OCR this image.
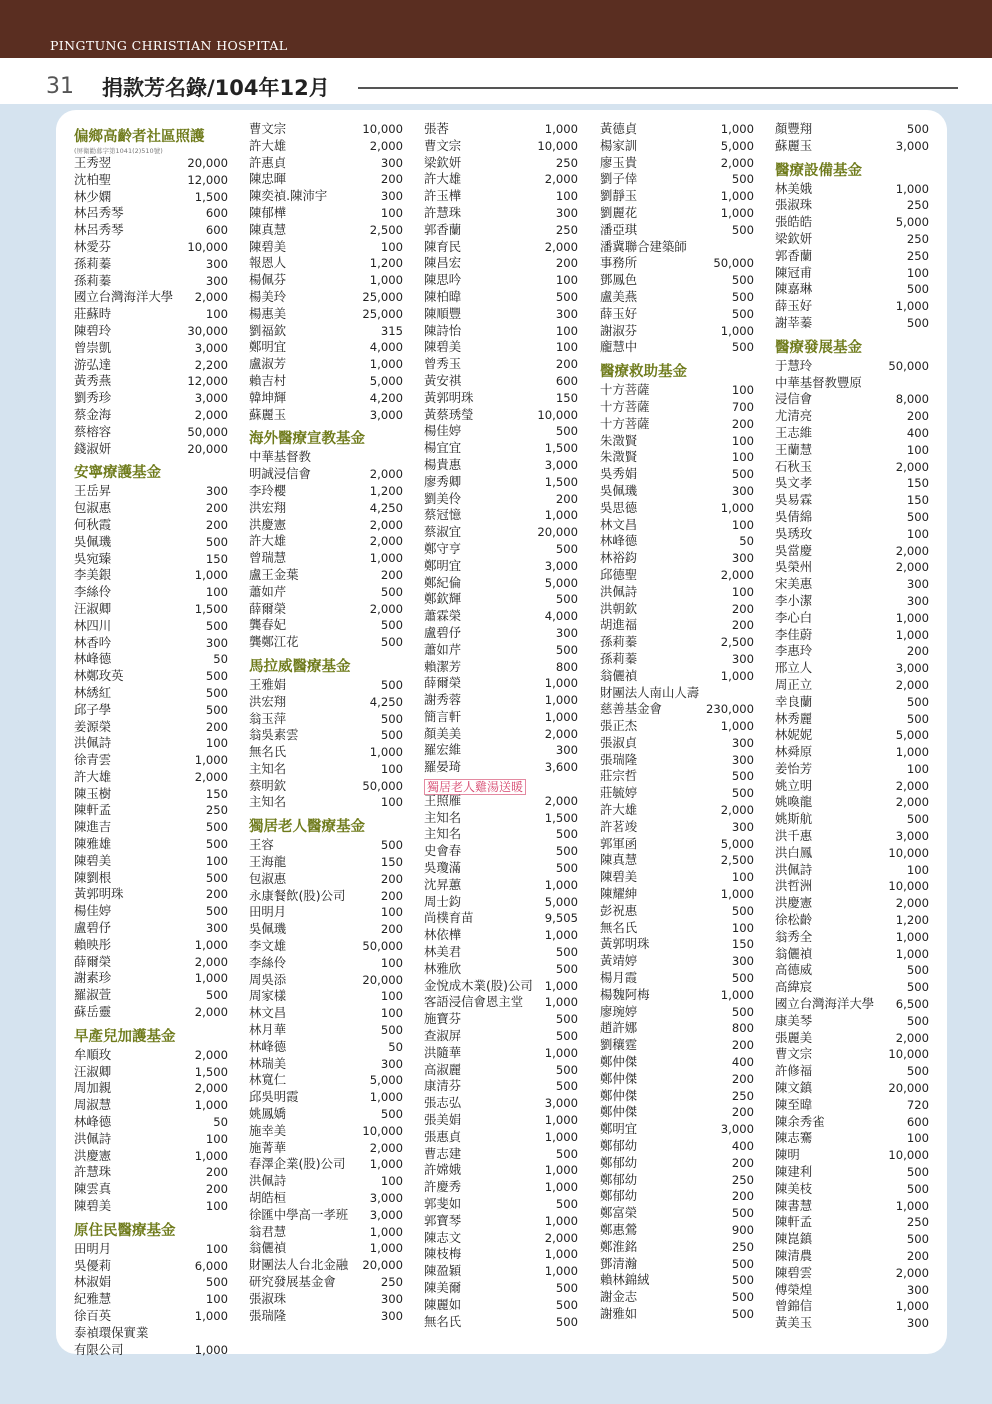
PINGTUNG CHRISTIAN HOSPITAL
31 捐款芳名錄/104年12月
偏鄉高齡者社區照護
(屏衛勸募字第1041(2)510號)
王秀翌	20,000
沈柏聖	12,000
林少嫻	1,500
林呂秀琴	600
林呂秀琴	600
林愛芬	10,000
孫莉蓁	300
孫莉蓁	300
國立台灣海洋大學 2,000
莊蘇時	100
陳碧玲	30,000
曾崇凱	3,000
游弘達	2,200
黃秀燕	12,000
劉秀珍	3,000
蔡金海	2,000
蔡榕容	50,000
錢淑妍	20,000
安寧療護基金
王岳昇	300
包淑惠	200
何秋霞	200
吳佩璣	500
吳宛臻	150
李美銀	1,000
李絲伶	100
汪淑卿	1,500
林四川	500
林香吟	300
林峰德	50
林鄭玫英	500
林綉紅	500
邱子學	500
姜源榮	200
洪佩詩	100
徐青雲	1,000
許大雄	2,000
陳玉樹	150
陳軒孟	250
陳進吉	500
陳雅雄	500
陳碧美	100
陳劉根	500
黃郭明珠	200
楊佳婷	500
盧碧伃	300
賴映彤	1,000
薛爾榮	2,000
謝素珍	1,000
羅淑萱	500
蘇岳靈	2,000
早產兒加護基金
牟順玫	2,000
汪淑卿	1,500
周加親	2,000
周淑慧	1,000
林峰德	50
洪佩詩	100
洪慶憲	1,000
許慧珠	200
陳雲真	200
陳碧美	100
原住民醫療基金
田明月	100
吳優莉	6,000
林淑娟	500
紀雅慧	100
徐百英	1,000
泰禎環保實業
有限公司	1,000
曹文宗	10,000
許大雄	2,000
許惠貞	300
陳忠暉	200
陳奕禎.陳沛宇	300
陳郁樺	100
陳真慧	2,500
陳碧美	100
報恩人	1,200
楊佩芬	1,000
楊美玲	25,000
楊惠美	25,000
劉福欽	315
鄭明宜	4,000
盧淑芳	1,000
賴吉村	5,000
韓坤輝	4,200
蘇麗玉	3,000
海外醫療宣教基金
中華基督教
明誠浸信會	2,000
李玲櫻	1,200
洪宏翔	4,250
洪慶憲	2,000
許大雄	2,000
曾瑞慧	1,000
盧王金葉	200
蕭如芹	500
薛爾榮	2,000
龔春妃	500
龔鄭江花	500
馬拉威醫療基金
王雅娟	500
洪宏翔	4,250
翁玉萍	500
翁吳素雲	500
無名氏	1,000
主知名	100
蔡明欽	50,000
主知名	100
獨居老人醫療基金
王容	500
王海龍	150
包淑惠	200
永康餐飲(股)公司	200
田明月	100
吳佩璣	200
李文雄	50,000
李絲伶	100
周吳添	20,000
周家樣	100
林文昌	100
林月華	500
林峰德	50
林瑞美	300
林寬仁	5,000
邱吳明霞	1,000
姚鳳嬌	500
施幸美	10,000
施菁華	2,000
春澤企業(股)公司 1,000
洪佩詩	100
胡皓桓	3,000
徐匯中學高一孝班 3,000
翁君慧	1,000
翁儷禎	1,000
財團法人台北金融 20,000
研究發展基金會	250
張淑珠	300
張瑞隆	300
張莕	1,000
曹文宗	10,000
梁欽妍	250
許大雄	2,000
許玉樺	100
許慧珠	300
郭香蘭	250
陳育民	2,000
陳昌宏	200
陳思吟	100
陳柏暐	500
陳順豐	300
陳詩怡	100
陳碧美	100
曾秀玉	200
黃安祺	600
黃郭明珠	150
黃蔡琇瑩	10,000
楊佳婷	500
楊宜宜	1,500
楊貴惠	3,000
廖秀卿	1,500
劉美伶	200
蔡冠憶	1,000
蔡淑宜	20,000
鄭守亨	500
鄭明宜	3,000
鄭紀倫	5,000
鄭欽輝	500
蕭霖榮	4,000
盧碧伃	300
蕭如芹	500
賴潔芳	800
薛爾榮	1,000
謝秀蓉	1,000
簡言軒	1,000
顏美美	2,000
羅宏維	300
羅晏琦	3,600
獨居老人雞湯送暖
王照雁	2,000
主知名	1,500
主知名	500
史會春	500
吳瓊滿	500
沈昇蕙	1,000
周士鈞	5,000
尚樸育苗	9,505
林依樺	1,000
林美君	500
林雅欣	500
金悅成木業(股)公司 1,000
客語浸信會恩主堂 1,000
施寶芬	500
查淑屏	500
洪隨華	1,000
高淑麗	500
康清芬	500
張志弘	3,000
張美娟	1,000
張惠貞	1,000
曹志建	500
許嫦娥	1,000
許慶秀	1,000
郭斐如	500
郭寶琴	1,000
陳志文	2,000
陳枝梅	1,000
陳盈穎	1,000
陳美爾	500
陳麗如	500
無名氏	500
黃德貞	1,000
楊家訓	5,000
廖玉貴	2,000
劉子倖	500
劉靜玉	1,000
劉麗花	1,000
潘亞琪	500
潘冀聯合建築師
事務所	50,000
鄧鳳色	500
盧美燕	500
薛玉好	500
謝淑芬	1,000
龐慧中	500
醫療救助基金
十方菩薩	100
十方菩薩	700
十方菩薩	200
朱澂賢	100
朱澂賢	100
吳秀娟	500
吳佩璣	300
吳思德	1,000
林文昌	100
林峰德	50
林裕鈞	300
邱德聖	2,000
洪佩詩	100
洪朝欽	200
胡進福	200
孫莉蓁	2,500
孫莉蓁	300
翁儷禎	1,000
財團法人南山人壽
慈善基金會	230,000
張正杰	1,000
張淑貞	300
張瑞隆	300
莊宗哲	500
莊毓婷	500
許大雄	2,000
許茗竣	300
郭軍函	5,000
陳真慧	2,500
陳碧美	100
陳耀紳	1,000
彭祝惠	500
無名氏	100
黃郭明珠	150
黃靖婷	300
楊月霞	500
楊魏阿梅	1,000
廖琬婷	500
趙許娜	800
劉穰霆	200
鄭仲傑	400
鄭仲傑	200
鄭仲傑	250
鄭仲傑	200
鄭明宜	3,000
鄭郁幼	400
鄭郁幼	200
鄭郁幼	250
鄭郁幼	200
鄭富榮	500
鄭惠鶯	900
鄭淮銘	250
鄧清瀚	500
賴林錦絨	500
謝金志	500
謝雅如	500
顏豐翔	500
蘇麗玉	3,000
醫療設備基金
林美娥	1,000
張淑珠	250
張皓皓	5,000
梁欽妍	250
郭香蘭	250
陳冠甫	100
陳嘉琳	500
薛玉好	1,000
謝莘蓁	500
醫療發展基金
于慧玲	50,000
中華基督教豐原
浸信會	8,000
尤清亮	200
王志維	400
王蘭慧	100
石秋玉	2,000
吳文孝	150
吳易霖	150
吳倩綿	500
吳琇玫	100
吳當慶	2,000
吳榮州	2,000
宋美惠	300
李小潔	300
李心白	1,000
李佳蔚	1,000
李惠玲	200
邢立人	3,000
周正立	2,000
幸良蘭	500
林秀麗	500
林妮妮	5,000
林舜原	1,000
姜怡芳	100
姚立明	2,000
姚喚龍	2,000
姚斯航	500
洪千惠	3,000
洪白鳳	10,000
洪佩詩	100
洪哲洲	10,000
洪慶憲	2,000
徐松齡	1,200
翁秀全	1,000
翁儷禎	1,000
高德威	500
高緯宸	500
國立台灣海洋大學 6,500
康美琴	500
張麗美	2,000
曹文宗	10,000
許修福	500
陳文鎮	20,000
陳至暐	720
陳余秀雀	600
陳志騫	100
陳明	10,000
陳建利	500
陳美枝	500
陳書慧	1,000
陳軒孟	250
陳崑鎮	500
陳清農	200
陳碧雲	2,000
傅榮煌	300
曾錦信	1,000
黃美玉	300
